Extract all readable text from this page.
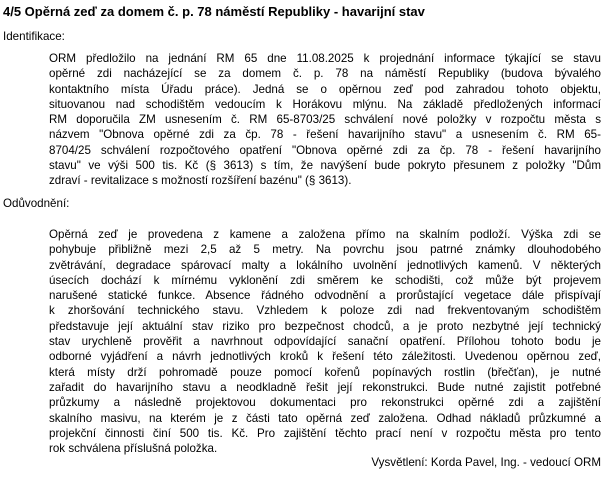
4/5 Opěrná zeď za domem č. p. 78 náměstí Republiky - havarijní stav
Identifikace:
ORM předložilo na jednání RM 65 dne 11.08.2025 k projednání informace týkající se stavu
opěrné zdi nacházející se za domem č. p. 78 na náměstí Republiky (budova bývalého
kontaktního místa Úřadu práce). Jedná se o opěrnou zeď pod zahradou tohoto objektu,
situovanou nad schodištěm vedoucím k Horákovu mlýnu. Na základě předložených informací
RM doporučila ZM usnesením č. RM 65-8703/25 schválení nové položky v rozpočtu města s
názvem "Obnova opěrné zdi za čp. 78 - řešení havarijního stavu" a usnesením č. RM 65-
8704/25 schválení rozpočtového opatření "Obnova opěrné zdi za čp. 78 - řešení havarijního
stavu" ve výši 500 tis. Kč (§ 3613) s tím, že navýšení bude pokryto přesunem z položky "Dům
zdraví - revitalizace s možností rozšíření bazénu" (§ 3613).
Odůvodnění:
Opěrná zeď je provedena z kamene a založena přímo na skalním podloží. Výška zdi se
pohybuje přibližně mezi 2,5 až 5 metry. Na povrchu jsou patrné známky dlouhodobého
zvětrávání, degradace spárovací malty a lokálního uvolnění jednotlivých kamenů. V některých
úsecích dochází k mírnému vyklonění zdi směrem ke schodišti, což může být projevem
narušené statické funkce. Absence řádného odvodnění a prorůstající vegetace dále přispívají
k zhoršování technického stavu. Vzhledem k poloze zdi nad frekventovaným schodištěm
představuje její aktuální stav riziko pro bezpečnost chodců, a je proto nezbytné její technický
stav urychleně prověřit a navrhnout odpovídající sanační opatření. Přílohou tohoto bodu je
odborné vyjádření a návrh jednotlivých kroků k řešení této záležitosti. Uvedenou opěrnou zeď,
která místy drží pohromadě pouze pomocí kořenů popínavých rostlin (břečťan), je nutné
zařadit do havarijního stavu a neodkladně řešit její rekonstrukci. Bude nutné zajistit potřebné
průzkumy a následně projektovou dokumentaci pro rekonstrukci opěrné zdi a zajištění
skalního masivu, na kterém je z části tato opěrná zeď založena. Odhad nákladů průzkumné a
projekční činnosti činí 500 tis. Kč. Pro zajištění těchto prací není v rozpočtu města pro tento
rok schválena příslušná položka.
Vysvětlení: Korda Pavel, Ing. - vedoucí ORM
